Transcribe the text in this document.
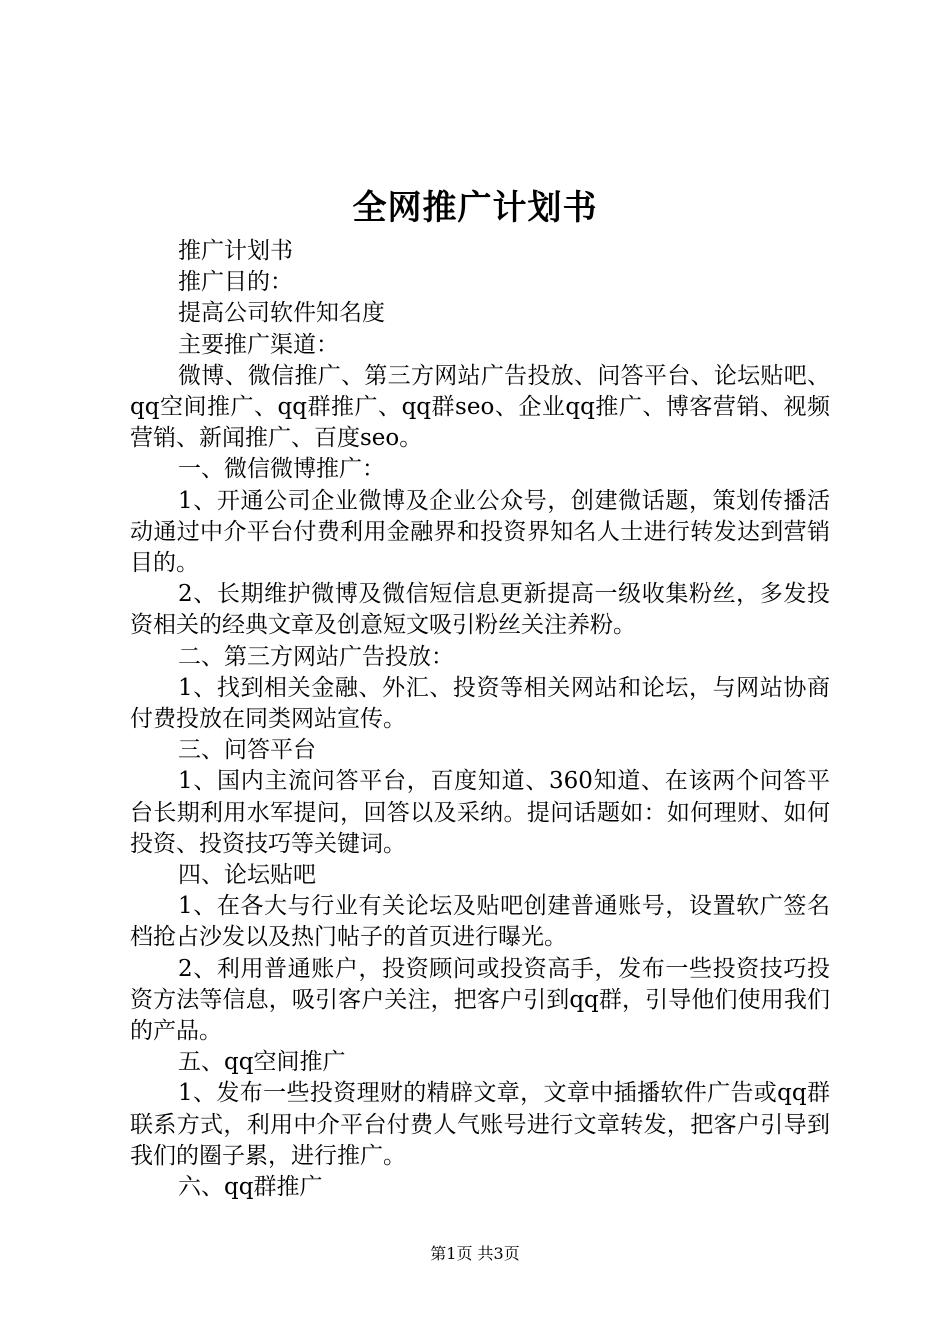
全网推广计划书

推广计划书

推广目的：

提高公司软件知名度

主要推广渠道：

微博、微信推广、第三方网站广告投放、问答平台、论坛贴吧、qq空间推广、qq群推广、qq群seo、企业qq推广、博客营销、视频营销、新闻推广、百度seo。

一、微信微博推广：

1、开通公司企业微博及企业公众号，创建微话题，策划传播活动通过中介平台付费利用金融界和投资界知名人士进行转发达到营销目的。

2、长期维护微博及微信短信息更新提高一级收集粉丝，多发投资相关的经典文章及创意短文吸引粉丝关注养粉。

二、第三方网站广告投放：

1、找到相关金融、外汇、投资等相关网站和论坛，与网站协商付费投放在同类网站宣传。

三、问答平台

1、国内主流问答平台，百度知道、360知道、在该两个问答平台长期利用水军提问，回答以及采纳。提问话题如：如何理财、如何投资、投资技巧等关键词。

四、论坛贴吧

1、在各大与行业有关论坛及贴吧创建普通账号，设置软广签名档抢占沙发以及热门帖子的首页进行曝光。

2、利用普通账户，投资顾问或投资高手，发布一些投资技巧投资方法等信息，吸引客户关注，把客户引到qq群，引导他们使用我们的产品。

五、qq空间推广

1、发布一些投资理财的精辟文章，文章中插播软件广告或qq群联系方式，利用中介平台付费人气账号进行文章转发，把客户引导到我们的圈子累，进行推广。

六、qq群推广

第1页 共3页
